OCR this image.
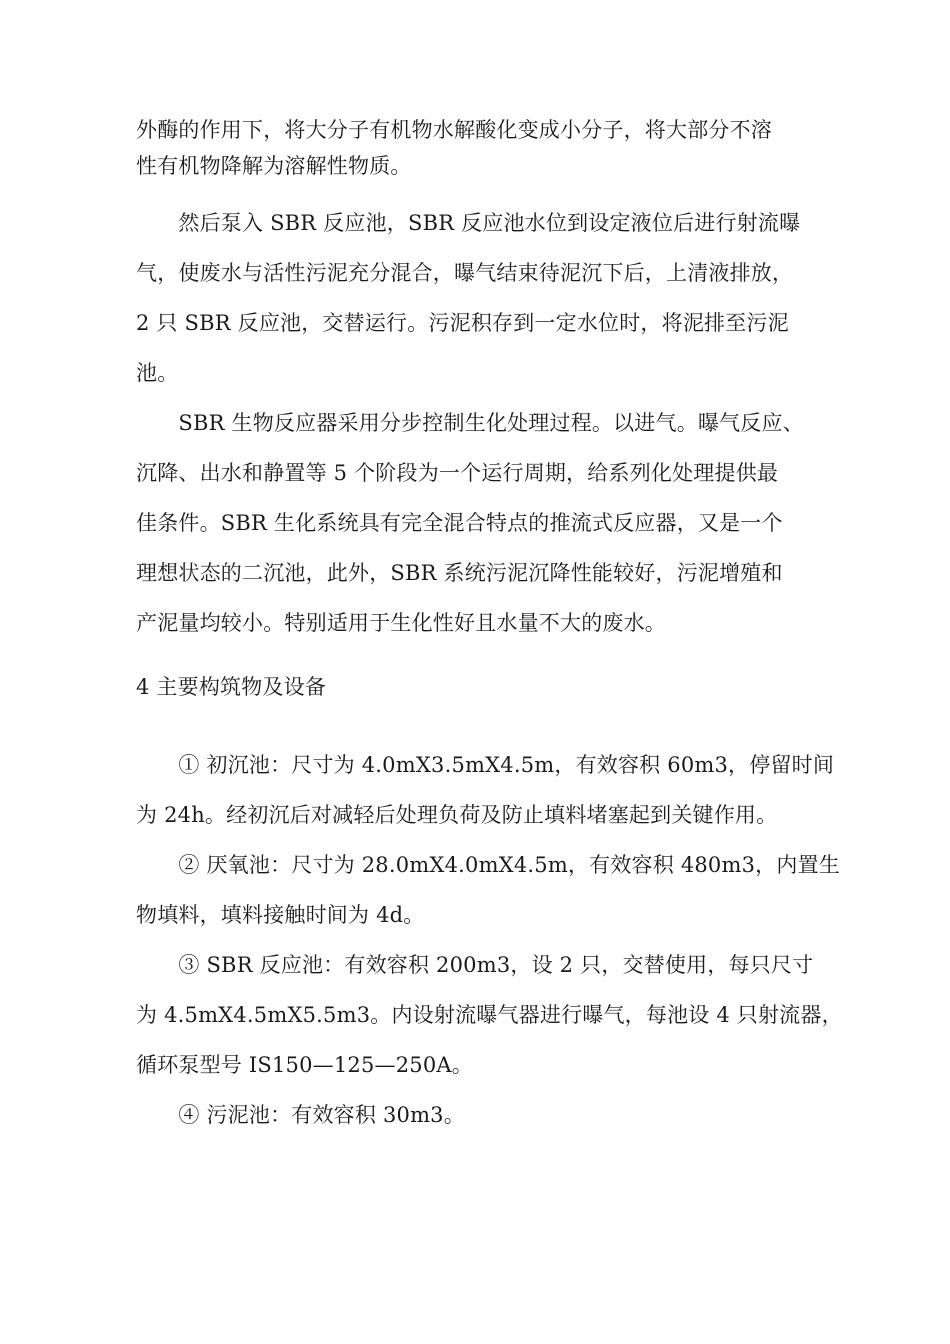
外酶的作用下，将大分子有机物水解酸化变成小分子，将大部分不溶

性有机物降解为溶解性物质。

　　然后泵入 SBR 反应池，SBR 反应池水位到设定液位后进行射流曝

气，使废水与活性污泥充分混合，曝气结束待泥沉下后，上清液排放，

2 只 SBR 反应池，交替运行。污泥积存到一定水位时，将泥排至污泥

池。

　　SBR 生物反应器采用分步控制生化处理过程。以进气。曝气反应、

沉降、出水和静置等 5 个阶段为一个运行周期，给系列化处理提供最

佳条件。SBR 生化系统具有完全混合特点的推流式反应器，又是一个

理想状态的二沉池，此外，SBR 系统污泥沉降性能较好，污泥增殖和

产泥量均较小。特别适用于生化性好且水量不大的废水。

4 主要构筑物及设备

　　① 初沉池：尺寸为 4.0mX3.5mX4.5m，有效容积 60m3，停留时间

为 24h。经初沉后对减轻后处理负荷及防止填料堵塞起到关键作用。

　　② 厌氧池：尺寸为 28.0mX4.0mX4.5m，有效容积 480m3，内置生

物填料，填料接触时间为 4d。

　　③ SBR 反应池：有效容积 200m3，设 2 只，交替使用，每只尺寸

为 4.5mX4.5mX5.5m3。内设射流曝气器进行曝气，每池设 4 只射流器，

循环泵型号 IS150—125—250A。

　　④ 污泥池：有效容积 30m3。
